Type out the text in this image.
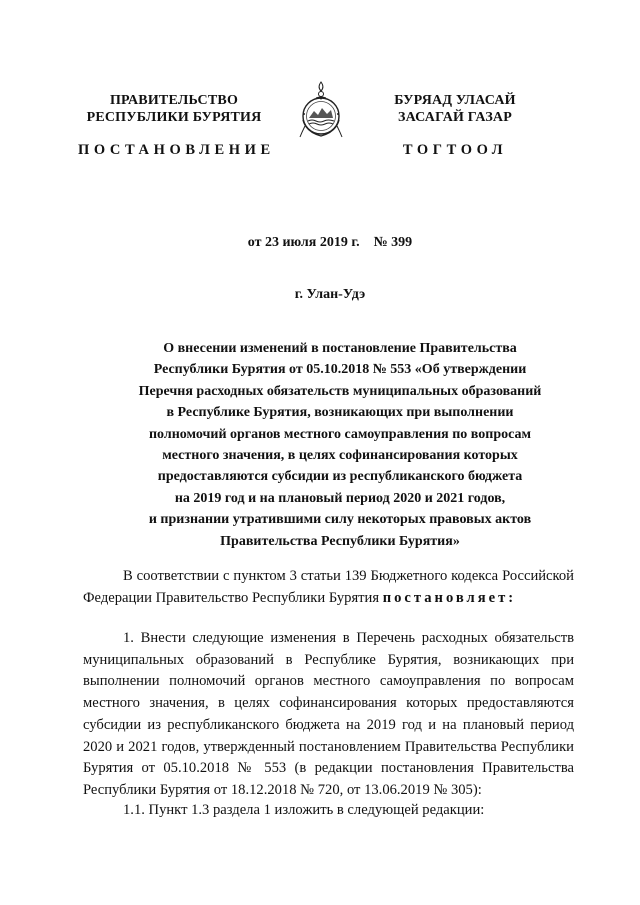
ПРАВИТЕЛЬСТВО
РЕСПУБЛИКИ БУРЯТИЯ
БУРЯАД УЛАСАЙ
ЗАСАГАЙ ГАЗАР
ПОСТАНОВЛЕНИЕ	ТОГТООЛ
от 23 июля 2019 г.    № 399
г. Улан-Удэ
О внесении изменений в постановление Правительства
Республики Бурятия от 05.10.2018 № 553 «Об утверждении
Перечня расходных обязательств муниципальных образований
в Республике Бурятия, возникающих при выполнении
полномочий органов местного самоуправления по вопросам
местного значения, в целях софинансирования которых
предоставляются субсидии из республиканского бюджета
на 2019 год и на плановый период 2020 и 2021 годов,
и признании утратившими силу некоторых правовых актов
Правительства Республики Бурятия»
В соответствии с пунктом 3 статьи 139 Бюджетного кодекса Российской Федерации Правительство Республики Бурятия постановляет:
1. Внести следующие изменения в Перечень расходных обязательств муниципальных образований в Республике Бурятия, возникающих при выполнении полномочий органов местного самоуправления по вопросам местного значения, в целях софинансирования которых предоставляются субсидии из республиканского бюджета на 2019 год и на плановый период 2020 и 2021 годов, утвержденный постановлением Правительства Республики Бурятия от 05.10.2018 № 553 (в редакции постановления Правительства Республики Бурятия от 18.12.2018 № 720, от 13.06.2019 № 305):
1.1. Пункт 1.3 раздела 1 изложить в следующей редакции:
